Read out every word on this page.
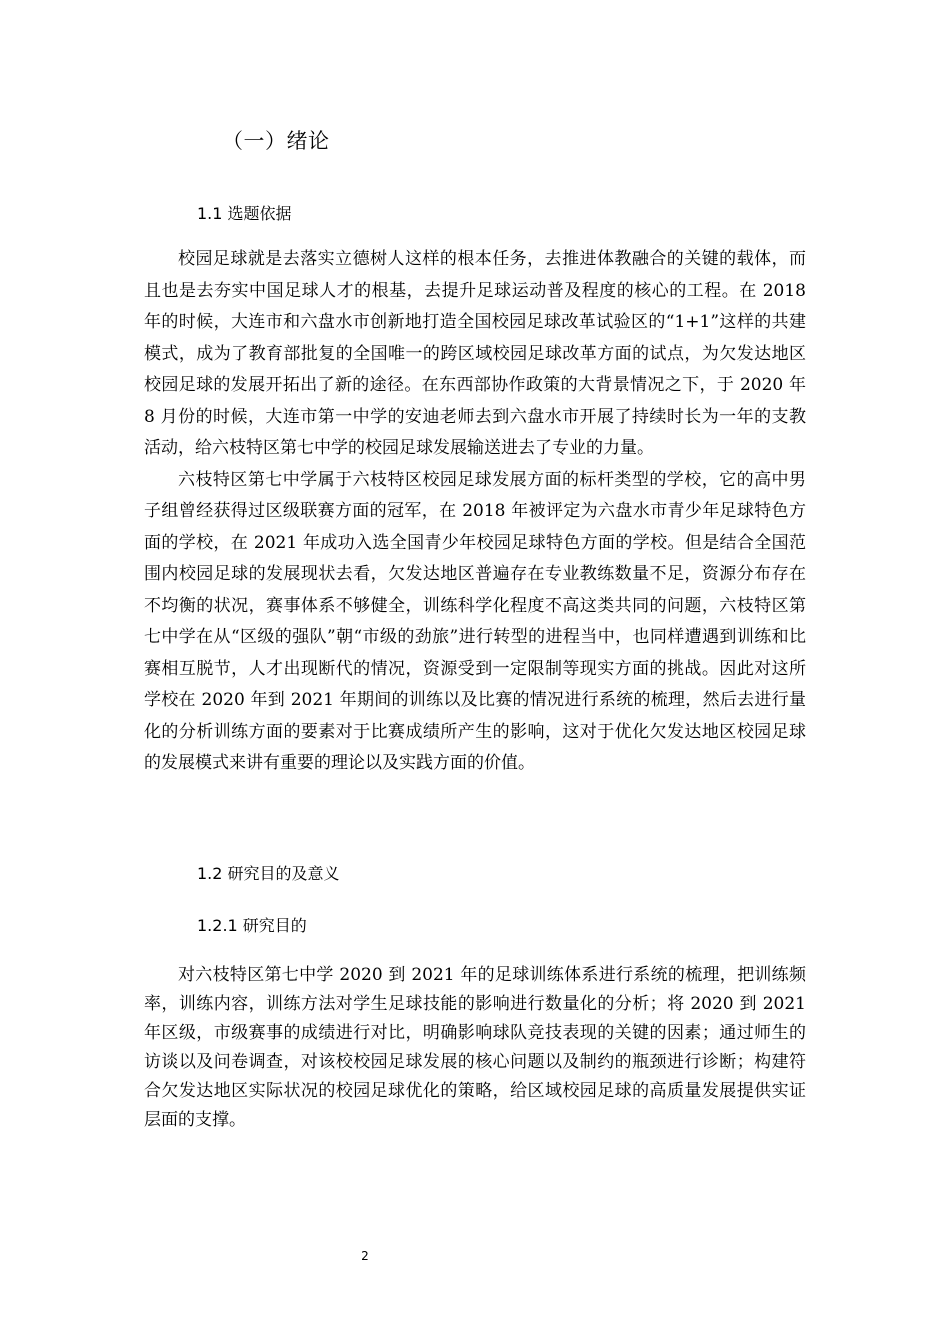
（一）绪论
1.1 选题依据

校园足球就是去落实立德树人这样的根本任务，去推进体教融合的关键的载体，而且也是去夯实中国足球人才的根基，去提升足球运动普及程度的核心的工程。在 2018 年的时候，大连市和六盘水市创新地打造全国校园足球改革试验区的“1+1”这样的共建模式，成为了教育部批复的全国唯一的跨区域校园足球改革方面的试点，为欠发达地区校园足球的发展开拓出了新的途径。在东西部协作政策的大背景情况之下，于 2020 年 8 月份的时候，大连市第一中学的安迪老师去到六盘水市开展了持续时长为一年的支教活动，给六枝特区第七中学的校园足球发展输送进去了专业的力量。

六枝特区第七中学属于六枝特区校园足球发展方面的标杆类型的学校，它的高中男子组曾经获得过区级联赛方面的冠军，在 2018 年被评定为六盘水市青少年足球特色方面的学校，在 2021 年成功入选全国青少年校园足球特色方面的学校。但是结合全国范围内校园足球的发展现状去看，欠发达地区普遍存在专业教练数量不足，资源分布存在不均衡的状况，赛事体系不够健全，训练科学化程度不高这类共同的问题，六枝特区第七中学在从“区级的强队”朝“市级的劲旅”进行转型的进程当中，也同样遭遇到训练和比赛相互脱节，人才出现断代的情况，资源受到一定限制等现实方面的挑战。因此对这所学校在 2020 年到 2021 年期间的训练以及比赛的情况进行系统的梳理，然后去进行量化的分析训练方面的要素对于比赛成绩所产生的影响，这对于优化欠发达地区校园足球的发展模式来讲有重要的理论以及实践方面的价值。

1.2 研究目的及意义
1.2.1 研究目的

对六枝特区第七中学 2020 到 2021 年的足球训练体系进行系统的梳理，把训练频率，训练内容，训练方法对学生足球技能的影响进行数量化的分析；将 2020 到 2021 年区级，市级赛事的成绩进行对比，明确影响球队竞技表现的关键的因素；通过师生的访谈以及问卷调查，对该校校园足球发展的核心问题以及制约的瓶颈进行诊断；构建符合欠发达地区实际状况的校园足球优化的策略，给区域校园足球的高质量发展提供实证层面的支撑。

2
